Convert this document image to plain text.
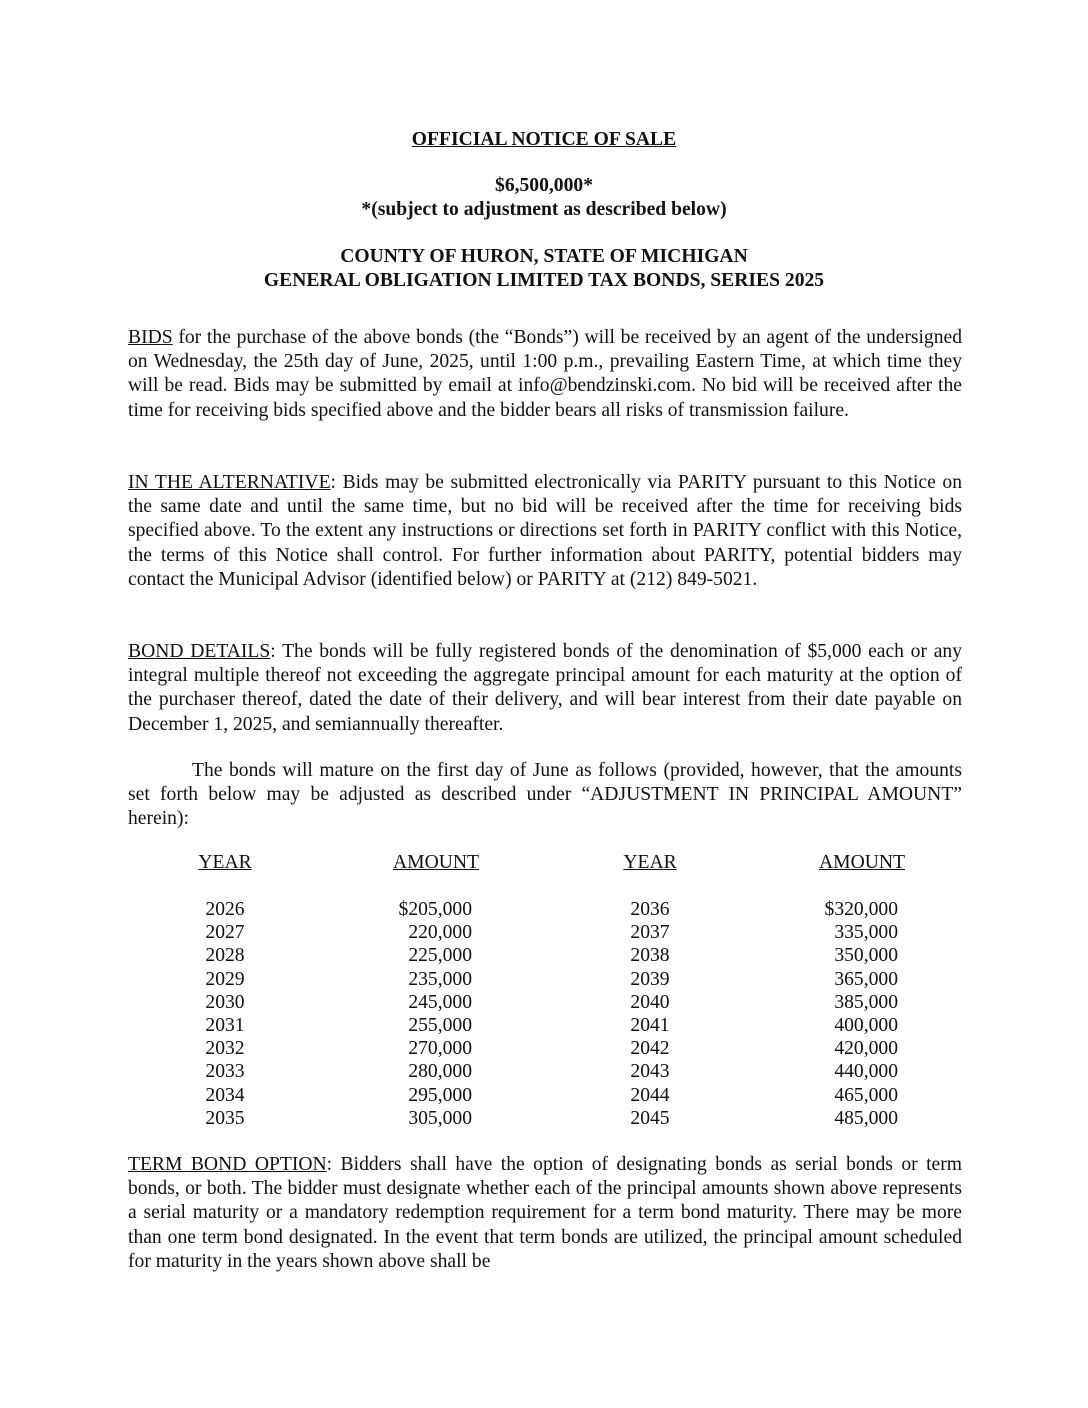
OFFICIAL NOTICE OF SALE
$6,500,000*
*(subject to adjustment as described below)
COUNTY OF HURON, STATE OF MICHIGAN
GENERAL OBLIGATION LIMITED TAX BONDS, SERIES 2025

BIDS for the purchase of the above bonds (the “Bonds”) will be received by an agent of the undersigned on Wednesday, the 25th day of June, 2025, until 1:00 p.m., prevailing Eastern Time, at which time they will be read. Bids may be submitted by email at info@bendzinski.com. No bid will be received after the time for receiving bids specified above and the bidder bears all risks of transmission failure.

IN THE ALTERNATIVE: Bids may be submitted electronically via PARITY pursuant to this Notice on the same date and until the same time, but no bid will be received after the time for receiving bids specified above. To the extent any instructions or directions set forth in PARITY conflict with this Notice, the terms of this Notice shall control. For further information about PARITY, potential bidders may contact the Municipal Advisor (identified below) or PARITY at (212) 849-5021.

BOND DETAILS: The bonds will be fully registered bonds of the denomination of $5,000 each or any integral multiple thereof not exceeding the aggregate principal amount for each maturity at the option of the purchaser thereof, dated the date of their delivery, and will bear interest from their date payable on December 1, 2025, and semiannually thereafter.

The bonds will mature on the first day of June as follows (provided, however, that the amounts set forth below may be adjusted as described under “ADJUSTMENT IN PRINCIPAL AMOUNT” herein):

YEAR
2026
2027
2028
2029
2030
2031
2032
2033
2034
2035
AMOUNT
$205,000
220,000
225,000
235,000
245,000
255,000
270,000
280,000
295,000
305,000
YEAR
2036
2037
2038
2039
2040
2041
2042
2043
2044
2045
AMOUNT
$320,000
335,000
350,000
365,000
385,000
400,000
420,000
440,000
465,000
485,000

TERM BOND OPTION: Bidders shall have the option of designating bonds as serial bonds or term bonds, or both. The bidder must designate whether each of the principal amounts shown above represents a serial maturity or a mandatory redemption requirement for a term bond maturity. There may be more than one term bond designated. In the event that term bonds are utilized, the principal amount scheduled for maturity in the years shown above shall be
